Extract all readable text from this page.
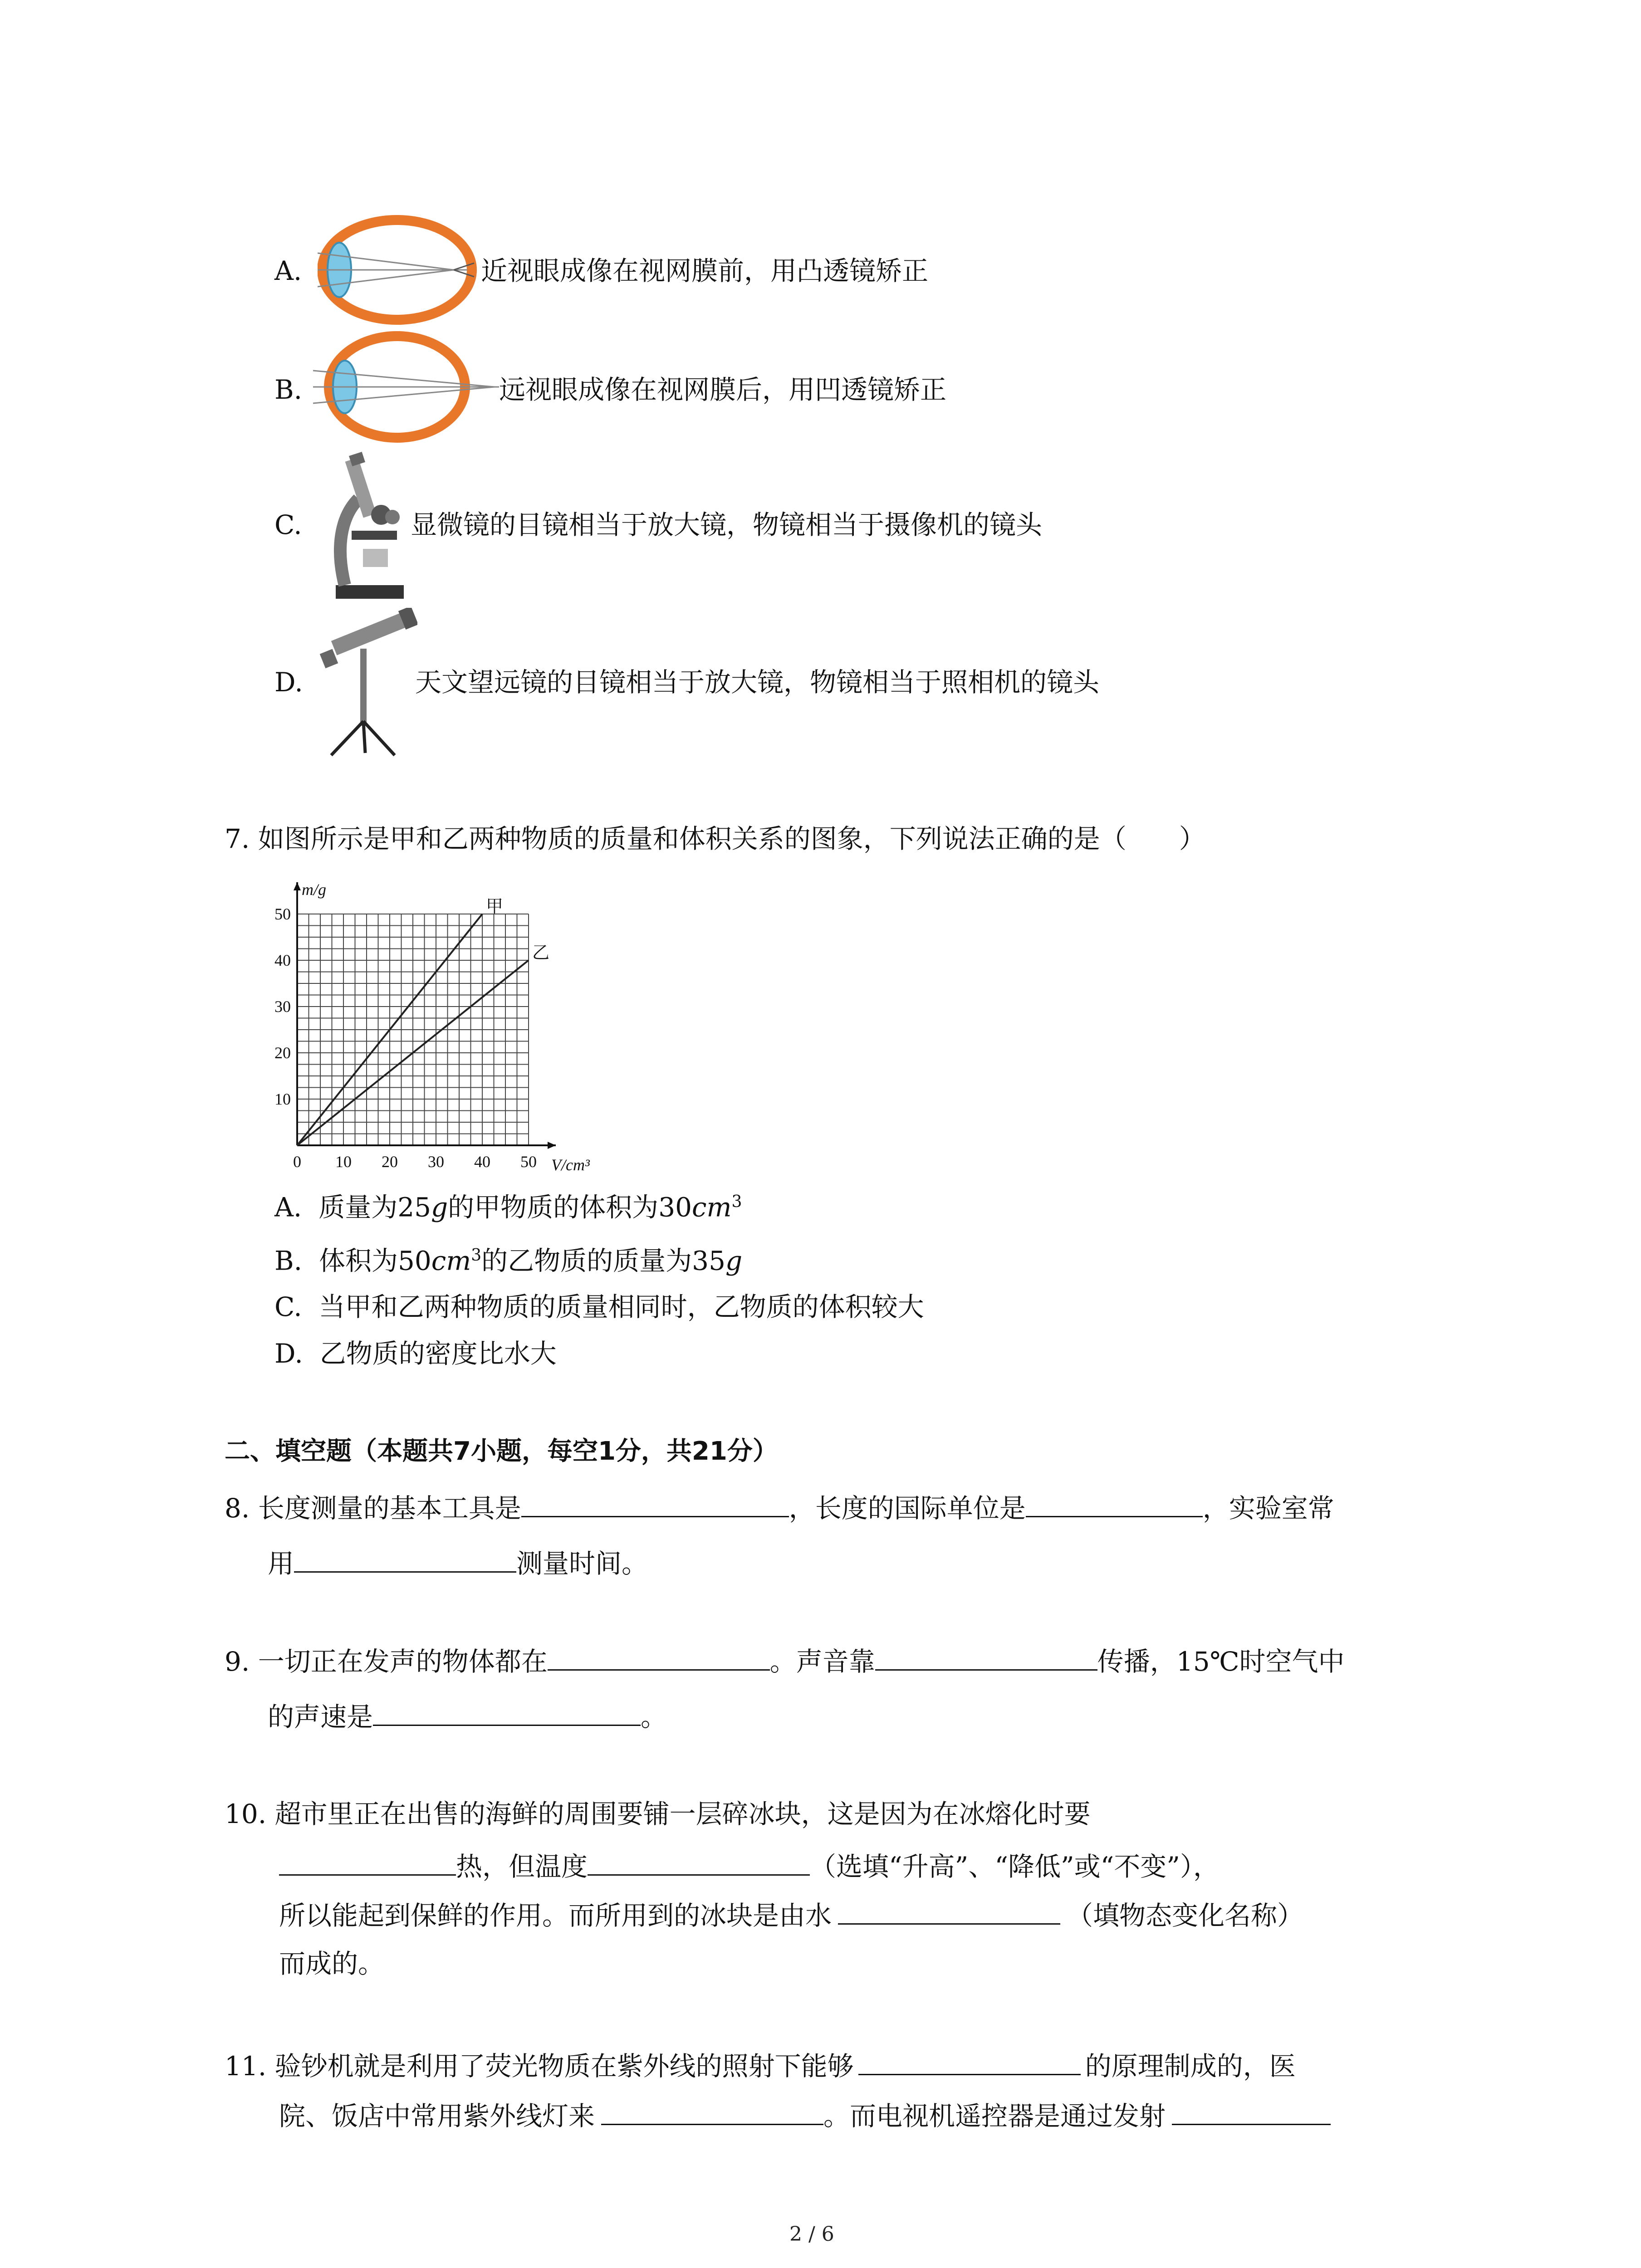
A.	近视眼成像在视网膜前，用凸透镜矫正
B.	远视眼成像在视网膜后，用凹透镜矫正
C.	显微镜的目镜相当于放大镜，物镜相当于摄像机的镜头
D.	天文望远镜的目镜相当于放大镜，物镜相当于照相机的镜头
7. 如图所示是甲和乙两种物质的质量和体积关系的图象，下列说法正确的是（　　）
0 10 20 30 40 50
10
20
30
40
50
m/g
V/cm³
甲
乙
A. 质量为25g的甲物质的体积为$30cm^3$
B. 体积为$50cm^3$的乙物质的质量为35g
C. 当甲和乙两种物质的质量相同时，乙物质的体积较大
D. 乙物质的密度比水大
二、填空题（本题共7小题，每空1分，共21分）
8. 长度测量的基本工具是	，长度的国际单位是	，实验室常
用	测量时间。
9. 一切正在发声的物体都在	。声音靠	传播，15℃时空气中
的声速是	。
10. 超市里正在出售的海鲜的周围要铺一层碎冰块，这是因为在冰熔化时要
热，但温度	（选填“升高”、“降低”或“不变”），
所以能起到保鲜的作用。而所用到的冰块是由水	（填物态变化名称）
而成的。
11. 验钞机就是利用了荧光物质在紫外线的照射下能够	的原理制成的，医
院、饭店中常用紫外线灯来	。而电视机遥控器是通过发射
2 / 6
